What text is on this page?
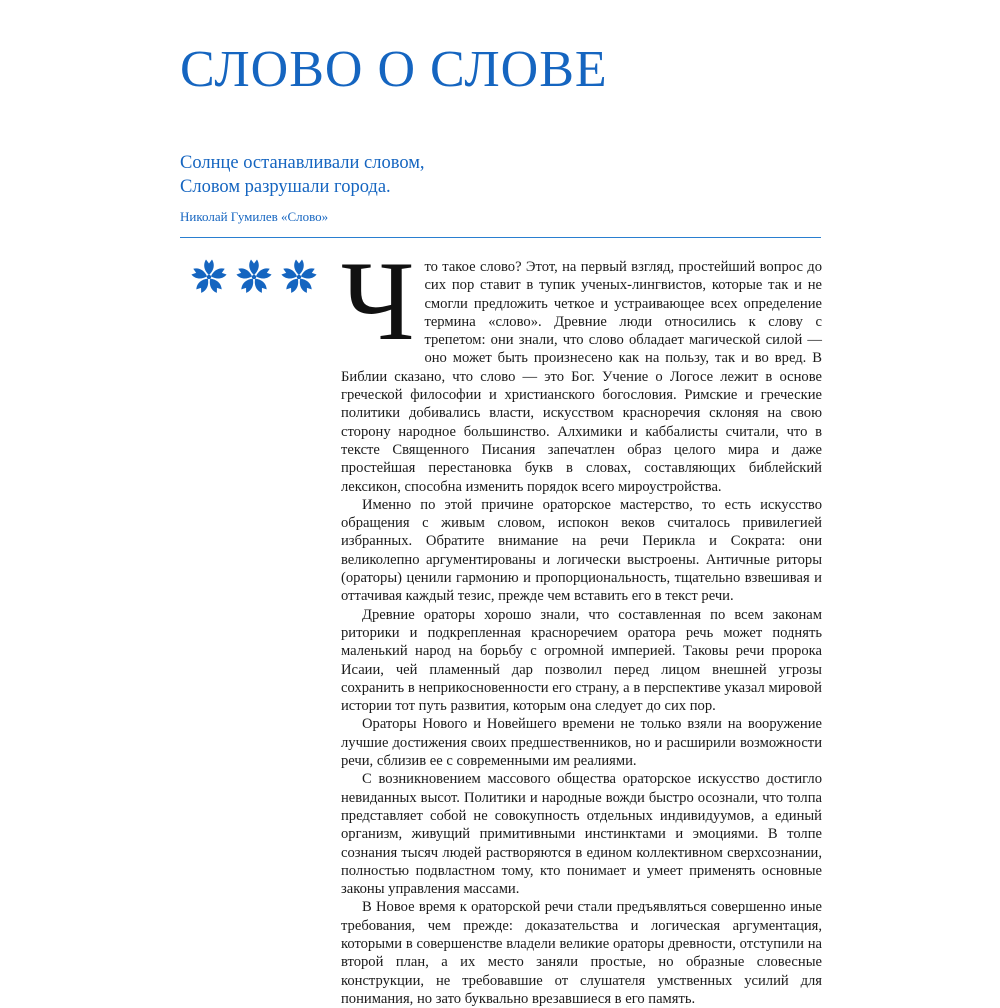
СЛОВО О СЛОВЕ
Солнце останавливали словом,
Словом разрушали города.
Николай Гумилев «Слово»

Что такое слово? Этот, на первый взгляд, простейший вопрос до сих пор ставит в тупик ученых-лингвистов, которые так и не смогли предложить четкое и устраивающее всех определение термина «слово». Древние люди относились к слову с трепетом: они знали, что слово обладает магической силой — оно может быть произнесено как на пользу, так и во вред. В Библии сказано, что слово — это Бог. Учение о Логосе лежит в основе греческой философии и христианского богословия. Римские и греческие политики добивались власти, искусством красноречия склоняя на свою сторону народное большинство. Алхимики и каббалисты считали, что в тексте Священного Писания запечатлен образ целого мира и даже простейшая перестановка букв в словах, составляющих библейский лексикон, способна изменить порядок всего мироустройства.

Именно по этой причине ораторское мастерство, то есть искусство обращения с живым словом, испокон веков считалось привилегией избранных. Обратите внимание на речи Перикла и Сократа: они великолепно аргументированы и логически выстроены. Античные риторы (ораторы) ценили гармонию и пропорциональность, тщательно взвешивая и оттачивая каждый тезис, прежде чем вставить его в текст речи.

Древние ораторы хорошо знали, что составленная по всем законам риторики и подкрепленная красноречием оратора речь может поднять маленький народ на борьбу с огромной империей. Таковы речи пророка Исаии, чей пламенный дар позволил перед лицом внешней угрозы сохранить в неприкосновенности его страну, а в перспективе указал мировой истории тот путь развития, которым она следует до сих пор.

Ораторы Нового и Новейшего времени не только взяли на вооружение лучшие достижения своих предшественников, но и расширили возможности речи, сблизив ее с современными им реалиями.

С возникновением массового общества ораторское искусство достигло невиданных высот. Политики и народные вожди быстро осознали, что толпа представляет собой не совокупность отдельных индивидуумов, а единый организм, живущий примитивными инстинктами и эмоциями. В толпе сознания тысяч людей растворяются в едином коллективном сверхсознании, полностью подвластном тому, кто понимает и умеет применять основные законы управления массами.

В Новое время к ораторской речи стали предъявляться совершенно иные требования, чем прежде: доказательства и логическая аргументация, которыми в совершенстве владели великие ораторы древности, отступили на второй план, а их место заняли простые, но образные словесные конструкции, не требовавшие от слушателя умственных усилий для понимания, но зато буквально врезавшиеся в его память.
